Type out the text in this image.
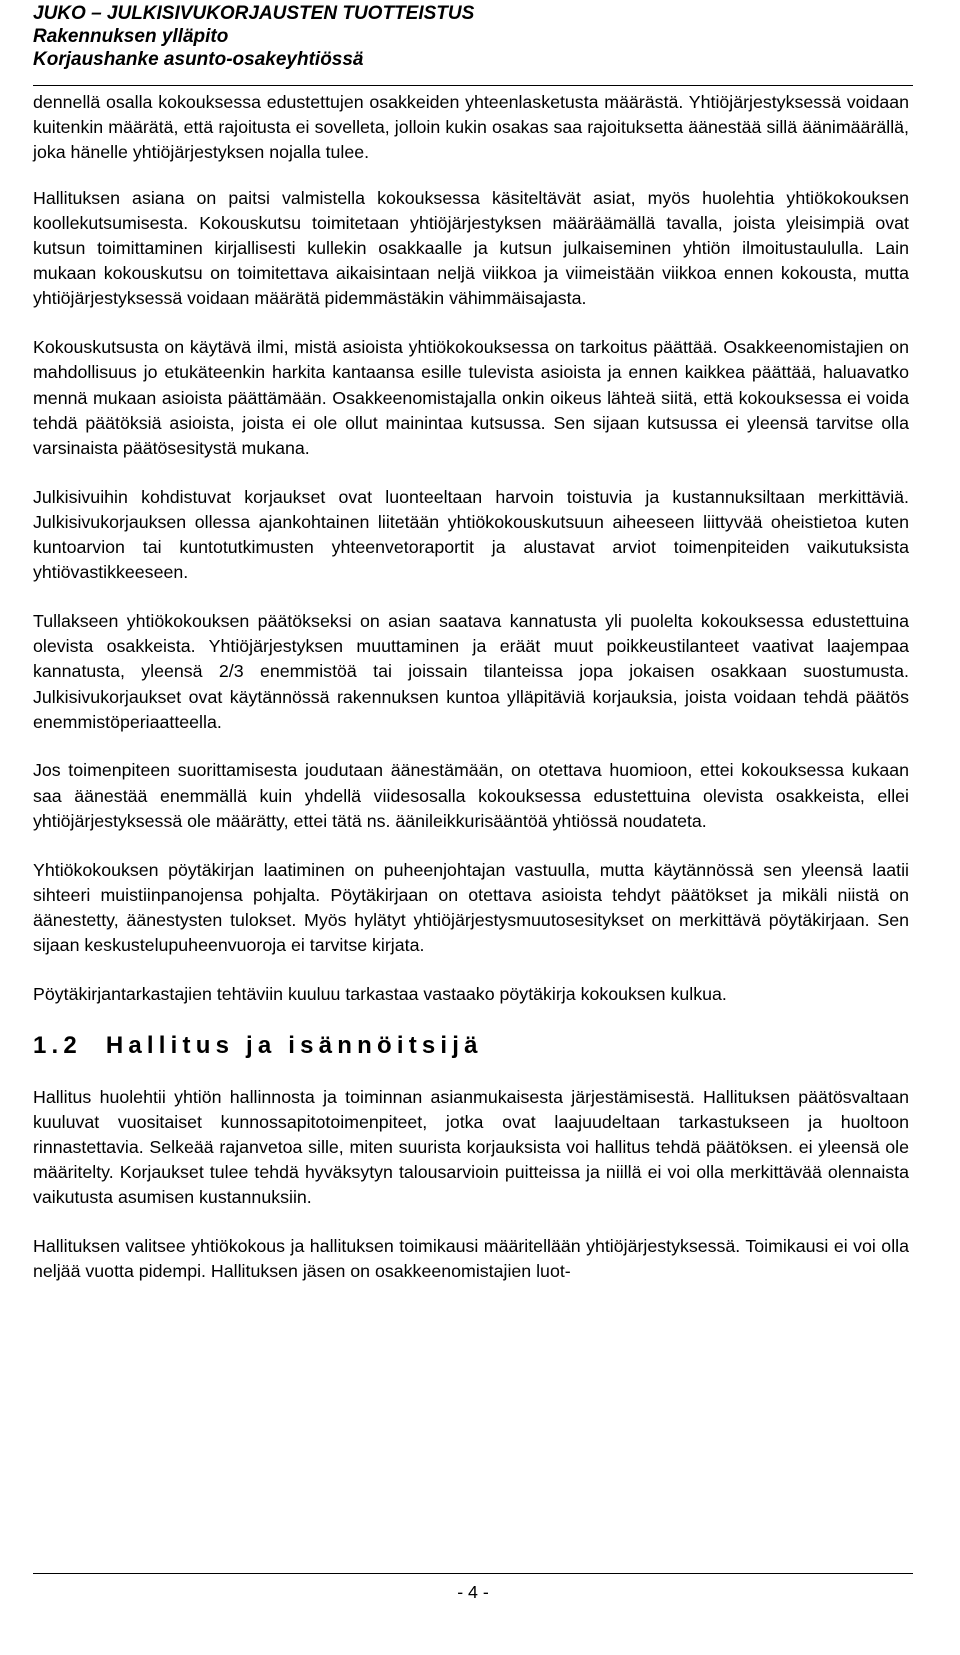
JUKO – JULKISIVUKORJAUSTEN TUOTTEISTUS
Rakennuksen ylläpito
Korjaushanke asunto-osakeyhtiössä

dennellä osalla kokouksessa edustettujen osakkeiden yhteenlasketusta määrästä. Yhtiöjärjestyksessä voidaan kuitenkin määrätä, että rajoitusta ei sovelleta, jolloin kukin osakas saa rajoituksetta äänestää sillä äänimäärällä, joka hänelle yhtiöjärjestyksen nojalla tulee.

Hallituksen asiana on paitsi valmistella kokouksessa käsiteltävät asiat, myös huolehtia yhtiökokouksen koollekutsumisesta. Kokouskutsu toimitetaan yhtiöjärjestyksen määräämällä tavalla, joista yleisimpiä ovat kutsun toimittaminen kirjallisesti kullekin osakkaalle ja kutsun julkaiseminen yhtiön ilmoitustaululla. Lain mukaan kokouskutsu on toimitettava aikaisintaan neljä viikkoa ja viimeistään viikkoa ennen kokousta, mutta yhtiöjärjestyksessä voidaan määrätä pidemmästäkin vähimmäisajasta.

Kokouskutsusta on käytävä ilmi, mistä asioista yhtiökokouksessa on tarkoitus päättää. Osakkeenomistajien on mahdollisuus jo etukäteenkin harkita kantaansa esille tulevista asioista ja ennen kaikkea päättää, haluavatko mennä mukaan asioista päättämään. Osakkeenomistajalla onkin oikeus lähteä siitä, että kokouksessa ei voida tehdä päätöksiä asioista, joista ei ole ollut mainintaa kutsussa. Sen sijaan kutsussa ei yleensä tarvitse olla varsinaista päätösesitystä mukana.

Julkisivuihin kohdistuvat korjaukset ovat luonteeltaan harvoin toistuvia ja kustannuksiltaan merkittäviä. Julkisivukorjauksen ollessa ajankohtainen liitetään yhtiökokouskutsuun aiheeseen liittyvää oheistietoa kuten kuntoarvion tai kuntotutkimusten yhteenvetoraportit ja alustavat arviot toimenpiteiden vaikutuksista yhtiövastikkeeseen.

Tullakseen yhtiökokouksen päätökseksi on asian saatava kannatusta yli puolelta kokouksessa edustettuina olevista osakkeista. Yhtiöjärjestyksen muuttaminen ja eräät muut poikkeustilanteet vaativat laajempaa kannatusta, yleensä 2/3 enemmistöä tai joissain tilanteissa jopa jokaisen osakkaan suostumusta. Julkisivukorjaukset ovat käytännössä rakennuksen kuntoa ylläpitäviä korjauksia, joista voidaan tehdä päätös enemmistöperiaatteella.

Jos toimenpiteen suorittamisesta joudutaan äänestämään, on otettava huomioon, ettei kokouksessa kukaan saa äänestää enemmällä kuin yhdellä viidesosalla kokouksessa edustettuina olevista osakkeista, ellei yhtiöjärjestyksessä ole määrätty, ettei tätä ns. äänileikkurisääntöä yhtiössä noudateta.

Yhtiökokouksen pöytäkirjan laatiminen on puheenjohtajan vastuulla, mutta käytännössä sen yleensä laatii sihteeri muistiinpanojensa pohjalta. Pöytäkirjaan on otettava asioista tehdyt päätökset ja mikäli niistä on äänestetty, äänestysten tulokset. Myös hylätyt yhtiöjärjestysmuutosesitykset on merkittävä pöytäkirjaan. Sen sijaan keskustelupuheenvuoroja ei tarvitse kirjata.

Pöytäkirjantarkastajien tehtäviin kuuluu tarkastaa vastaako pöytäkirja kokouksen kulkua.

1.2 Hallitus ja isännöitsijä

Hallitus huolehtii yhtiön hallinnosta ja toiminnan asianmukaisesta järjestämisestä. Hallituksen päätösvaltaan kuuluvat vuositaiset kunnossapitotoimenpiteet, jotka ovat laajuudeltaan tarkastukseen ja huoltoon rinnastettavia. Selkeää rajanvetoa sille, miten suurista korjauksista voi hallitus tehdä päätöksen. ei yleensä ole määritelty. Korjaukset tulee tehdä hyväksytyn talousarvioin puitteissa ja niillä ei voi olla merkittävää olennaista vaikutusta asumisen kustannuksiin.

Hallituksen valitsee yhtiökokous ja hallituksen toimikausi määritellään yhtiöjärjestyksessä. Toimikausi ei voi olla neljää vuotta pidempi. Hallituksen jäsen on osakkeenomistajien luot-

- 4 -
